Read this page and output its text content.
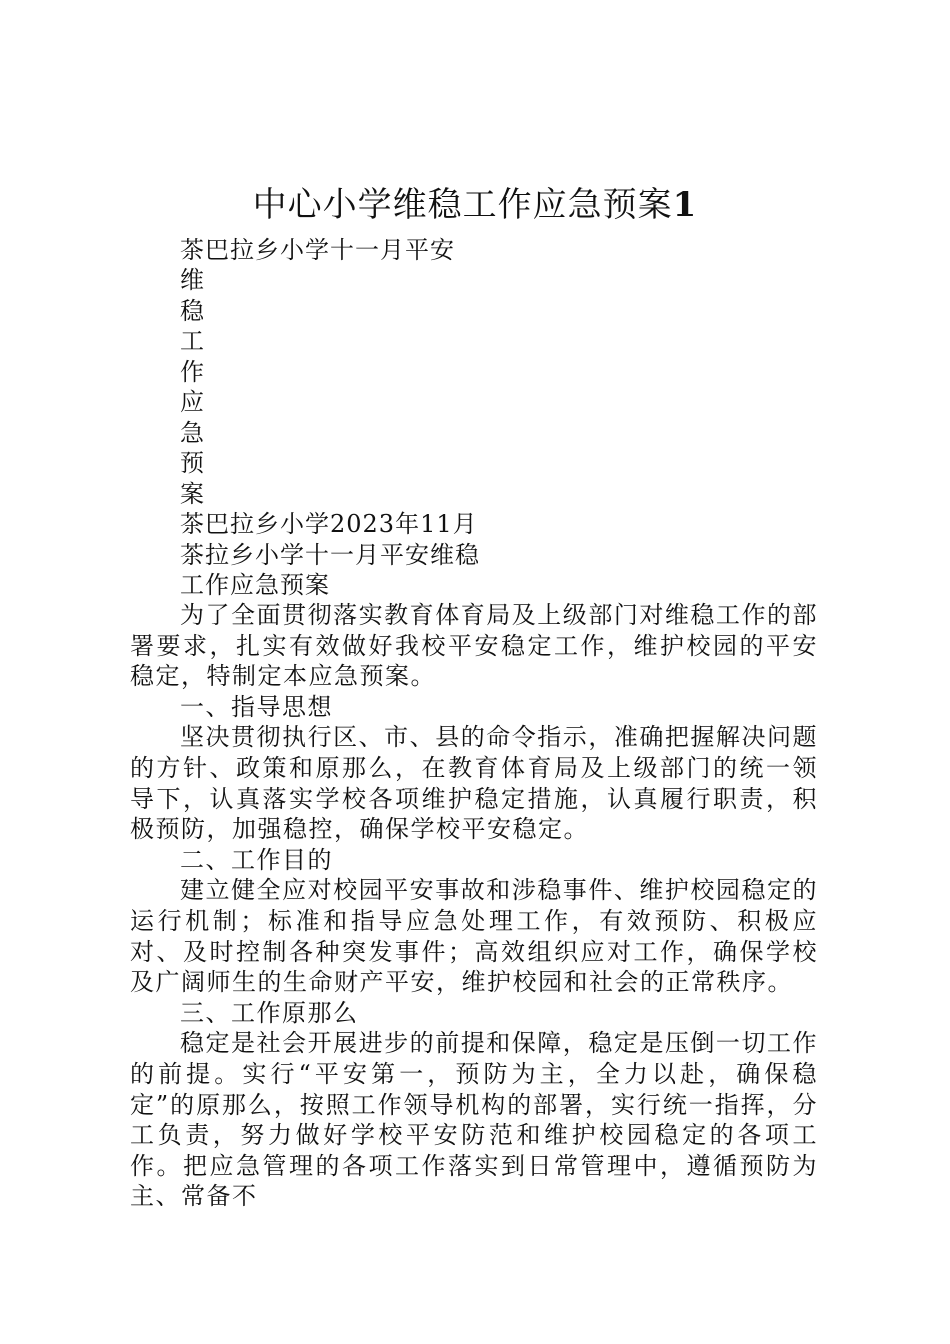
中心小学维稳工作应急预案1
茶巴拉乡小学十一月平安
维
稳
工
作
应
急
预
案
茶巴拉乡小学2023年11月
茶拉乡小学十一月平安维稳
工作应急预案

为了全面贯彻落实教育体育局及上级部门对维稳工作的部署要求，扎实有效做好我校平安稳定工作，维护校园的平安稳定，特制定本应急预案。

一、指导思想

坚决贯彻执行区、市、县的命令指示，准确把握解决问题的方针、政策和原那么，在教育体育局及上级部门的统一领导下，认真落实学校各项维护稳定措施，认真履行职责，积极预防，加强稳控，确保学校平安稳定。

二、工作目的

建立健全应对校园平安事故和涉稳事件、维护校园稳定的运行机制；标准和指导应急处理工作，有效预防、积极应对、及时控制各种突发事件；高效组织应对工作，确保学校及广阔师生的生命财产平安，维护校园和社会的正常秩序。

三、工作原那么

稳定是社会开展进步的前提和保障，稳定是压倒一切工作的前提。实行“平安第一，预防为主，全力以赴，确保稳定”的原那么，按照工作领导机构的部署，实行统一指挥，分工负责，努力做好学校平安防范和维护校园稳定的各项工作。把应急管理的各项工作落实到日常管理中，遵循预防为主、常备不
